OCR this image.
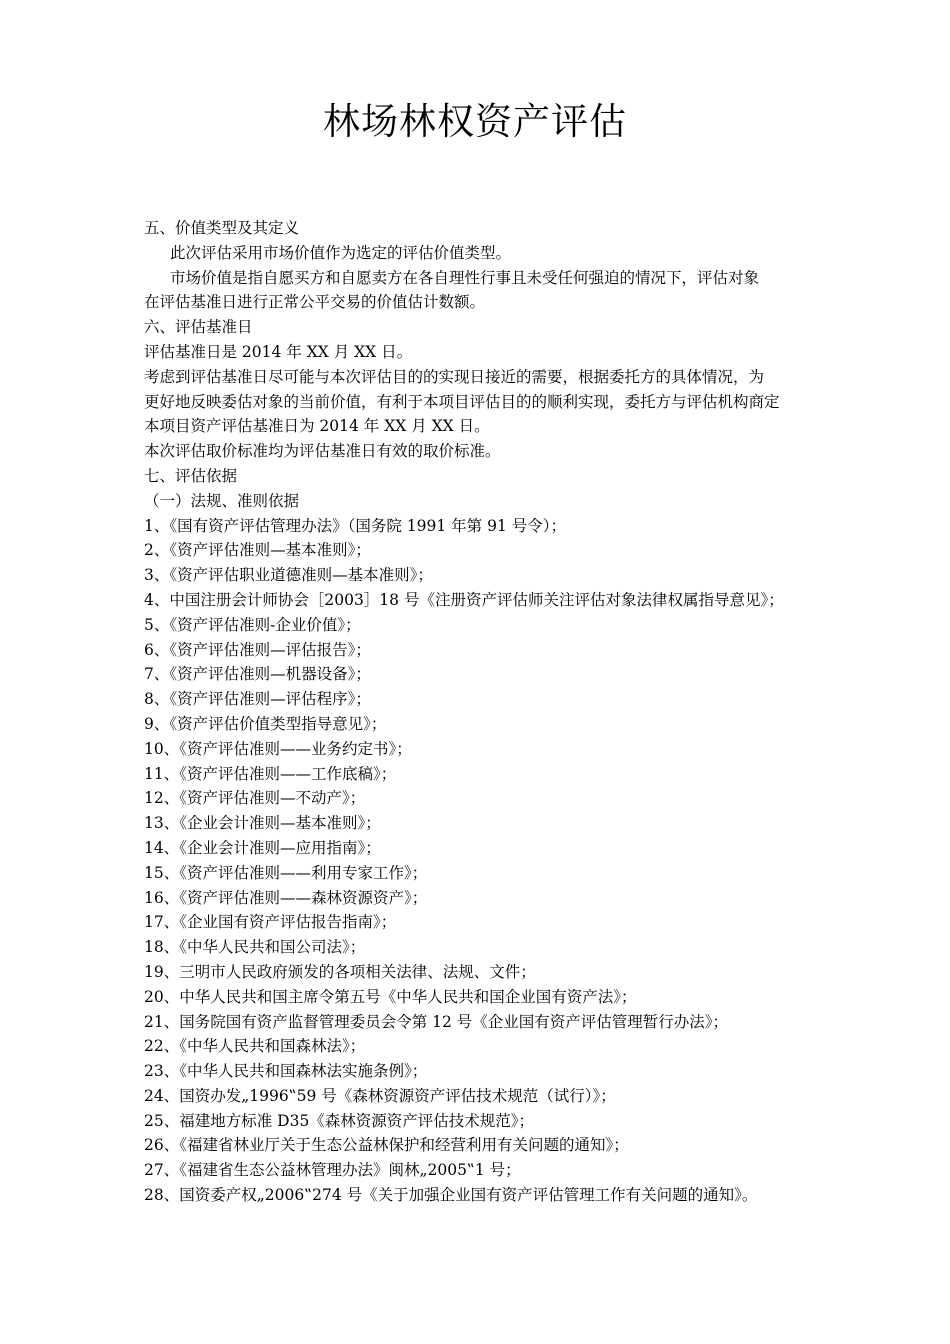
林场林权资产评估
五、价值类型及其定义
此次评估采用市场价值作为选定的评估价值类型。
市场价值是指自愿买方和自愿卖方在各自理性行事且未受任何强迫的情况下，评估对象
在评估基准日进行正常公平交易的价值估计数额。
六、评估基准日
评估基准日是 2014 年 XX 月 XX 日。
考虑到评估基准日尽可能与本次评估目的的实现日接近的需要，根据委托方的具体情况，为
更好地反映委估对象的当前价值，有利于本项目评估目的的顺利实现，委托方与评估机构商定
本项目资产评估基准日为 2014 年 XX 月 XX 日。
本次评估取价标准均为评估基准日有效的取价标准。
七、评估依据
（一）法规、准则依据
1、《国有资产评估管理办法》（国务院 1991 年第 91 号令）；
2、《资产评估准则—基本准则》；
3、《资产评估职业道德准则—基本准则》；
4、中国注册会计师协会［2003］18 号《注册资产评估师关注评估对象法律权属指导意见》；
5、《资产评估准则-企业价值》；
6、《资产评估准则—评估报告》；
7、《资产评估准则—机器设备》；
8、《资产评估准则—评估程序》；
9、《资产评估价值类型指导意见》；
10、《资产评估准则——业务约定书》；
11、《资产评估准则——工作底稿》；
12、《资产评估准则—不动产》；
13、《企业会计准则—基本准则》；
14、《企业会计准则—应用指南》；
15、《资产评估准则——利用专家工作》；
16、《资产评估准则——森林资源资产》；
17、《企业国有资产评估报告指南》；
18、《中华人民共和国公司法》；
19、三明市人民政府颁发的各项相关法律、法规、文件；
20、中华人民共和国主席令第五号《中华人民共和国企业国有资产法》；
21、国务院国有资产监督管理委员会令第 12 号《企业国有资产评估管理暂行办法》；
22、《中华人民共和国森林法》；
23、《中华人民共和国森林法实施条例》；
24、国资办发„1996‟59 号《森林资源资产评估技术规范（试行）》；
25、福建地方标准 D35《森林资源资产评估技术规范》；
26、《福建省林业厅关于生态公益林保护和经营利用有关问题的通知》；
27、《福建省生态公益林管理办法》闽林„2005‟1 号；
28、国资委产权„2006‟274 号《关于加强企业国有资产评估管理工作有关问题的通知》。
